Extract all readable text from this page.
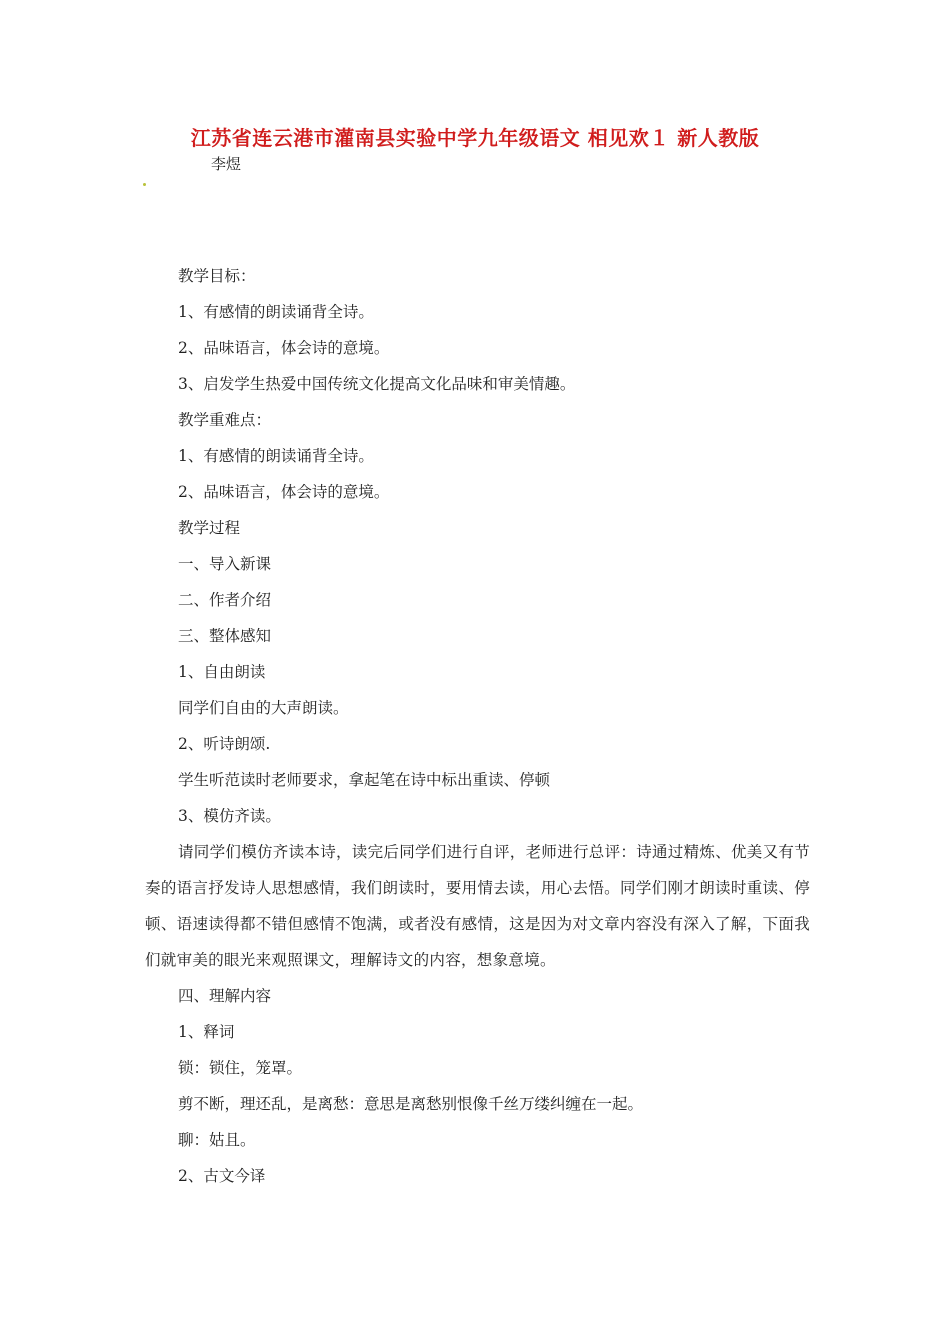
江苏省连云港市灌南县实验中学九年级语文 相见欢１ 新人教版
李煜
教学目标：
1、有感情的朗读诵背全诗。
2、品味语言，体会诗的意境。
3、启发学生热爱中国传统文化提高文化品味和审美情趣。
教学重难点：
1、有感情的朗读诵背全诗。
2、品味语言，体会诗的意境。
教学过程
一、导入新课
二、作者介绍
三、整体感知
1、自由朗读
同学们自由的大声朗读。
2、听诗朗颂.
学生听范读时老师要求，拿起笔在诗中标出重读、停顿
3、模仿齐读。
请同学们模仿齐读本诗，读完后同学们进行自评，老师进行总评：诗通过精炼、优美又有节奏的语言抒发诗人思想感情，我们朗读时，要用情去读，用心去悟。同学们刚才朗读时重读、停顿、语速读得都不错但感情不饱满，或者没有感情，这是因为对文章内容没有深入了解，下面我们就审美的眼光来观照课文，理解诗文的内容，想象意境。
四、理解内容
1、释词
锁：锁住，笼罩。
剪不断，理还乱，是离愁：意思是离愁别恨像千丝万缕纠缠在一起。
聊：姑且。
2、古文今译
